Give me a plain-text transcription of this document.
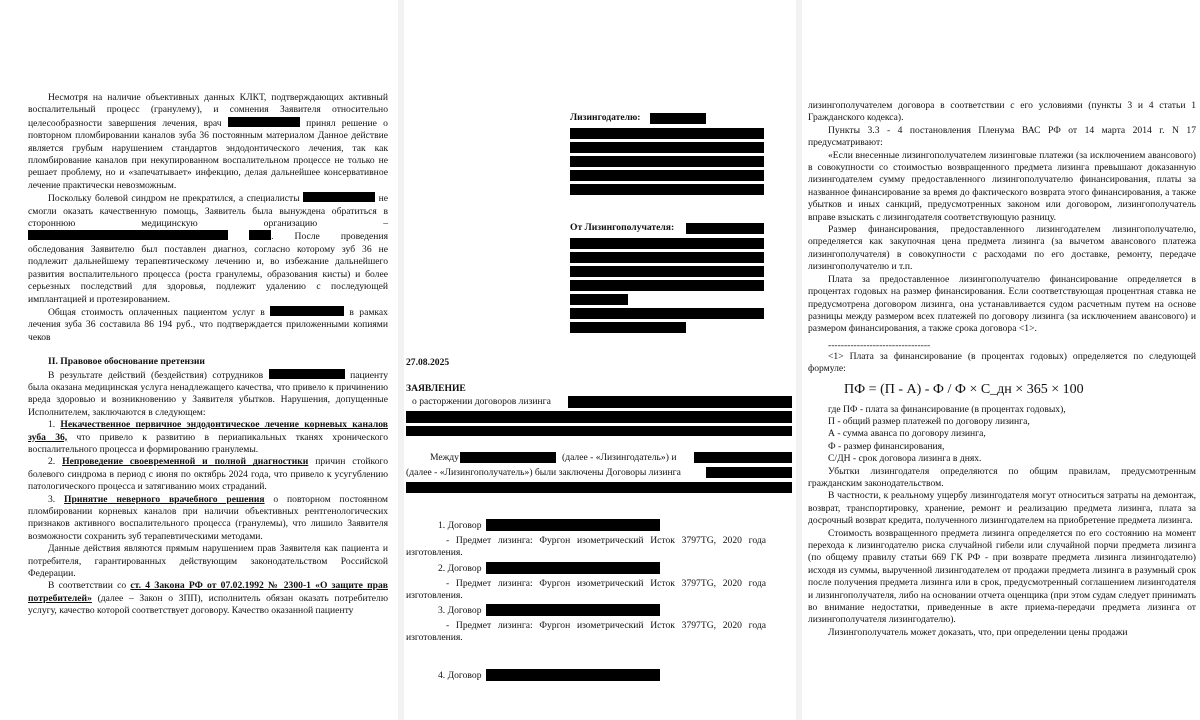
Несмотря на наличие объективных данных КЛКТ, подтверждающих активный воспалительный процесс (гранулему), и сомнения Заявителя относительно целесообразности завершения лечения, врач	принял решение о повторном пломбировании каналов зуба 36 постоянным материалом Данное действие является грубым нарушением стандартов эндодонтического лечения, так как пломбирование каналов при некупированном воспалительном процессе не только не решает проблему, но и «запечатывает» инфекцию, делая дальнейшее консервативное лечение практически невозможным.

Поскольку болевой синдром не прекратился, а специалисты	не смогли оказать качественную помощь, Заявитель была вынуждена обратиться в стороннюю медицинскую организацию –  . После проведения обследования Заявителю был поставлен диагноз, согласно которому зуб 36 не подлежит дальнейшему терапевтическому лечению и, во избежание дальнейшего развития воспалительного процесса (роста гранулемы, образования кисты) и более серьезных последствий для здоровья, подлежит удалению с последующей имплантацией и протезированием.

Общая стоимость оплаченных пациентом услуг в	в рамках лечения зуба 36 составила 86 194 руб., что подтверждается приложенными копиями чеков

II. Правовое обоснование претензии

В результате действий (бездействия) сотрудников	пациенту была оказана медицинская услуга ненадлежащего качества, что привело к причинению вреда здоровью и возникновению у Заявителя убытков. Нарушения, допущенные Исполнителем, заключаются в следующем:

1. Некачественное первичное эндодонтическое лечение корневых каналов зуба 36, что привело к развитию в периапикальных тканях хронического воспалительного процесса и формированию гранулемы.

2. Непроведение своевременной и полной диагностики причин стойкого болевого синдрома в период с июня по октябрь 2024 года, что привело к усугублению патологического процесса и затягиванию моих страданий.

3. Принятие неверного врачебного решения о повторном постоянном пломбировании корневых каналов при наличии объективных рентгенологических признаков активного воспалительного процесса (гранулемы), что лишило Заявителя возможности сохранить зуб терапевтическими методами.

Данные действия являются прямым нарушением прав Заявителя как пациента и потребителя, гарантированных действующим законодательством Российской Федерации.

В соответствии со ст. 4 Закона РФ от 07.02.1992 № 2300-1 «О защите прав потребителей» (далее – Закон о ЗПП), исполнитель обязан оказать потребителю услугу, качество которой соответствует договору. Качество оказанной пациенту

Лизингодателю:

От Лизингополучателя:

27.08.2025

ЗАЯВЛЕНИЕ

о расторжении договоров лизинга

Между	(далее - «Лизингодатель») и

(далее - «Лизингополучатель») были заключены Договоры лизинга

1. Договор

- Предмет лизинга: Фургон изометрический Исток 3797TG, 2020 года изготовления.

2. Договор

- Предмет лизинга: Фургон изометрический Исток 3797TG, 2020 года изготовления.

3. Договор

- Предмет лизинга: Фургон изометрический Исток 3797TG, 2020 года изготовления.

4. Договор

лизингополучателем договора в соответствии с его условиями (пункты 3 и 4 статьи 1 Гражданского кодекса).

Пункты 3.3 - 4 постановления Пленума ВАС РФ от 14 марта 2014 г. N 17 предусматривают:

«Если внесенные лизингополучателем лизинговые платежи (за исключением авансового) в совокупности со стоимостью возвращенного предмета лизинга превышают доказанную лизингодателем сумму предоставленного лизингополучателю финансирования, платы за названное финансирование за время до фактического возврата этого финансирования, а также убытков и иных санкций, предусмотренных законом или договором, лизингополучатель вправе взыскать с лизингодателя соответствующую разницу.

Размер финансирования, предоставленного лизингодателем лизингополучателю, определяется как закупочная цена предмета лизинга (за вычетом авансового платежа лизингополучателя) в совокупности с расходами по его доставке, ремонту, передаче лизингополучателю и т.п.

Плата за предоставленное лизингополучателю финансирование определяется в процентах годовых на размер финансирования. Если соответствующая процентная ставка не предусмотрена договором лизинга, она устанавливается судом расчетным путем на основе разницы между размером всех платежей по договору лизинга (за исключением авансового) и размером финансирования, а также срока договора <1>.

--------------------------------

<1> Плата за финансирование (в процентах годовых) определяется по следующей формуле:

ПФ = (П - А) - Ф / Ф × С_дн × 365 × 100

где ПФ - плата за финансирование (в процентах годовых),

П - общий размер платежей по договору лизинга,

А - сумма аванса по договору лизинга,

Ф - размер финансирования,

С/ДН - срок договора лизинга в днях.

Убытки лизингодателя определяются по общим правилам, предусмотренным гражданским законодательством.

В частности, к реальному ущербу лизингодателя могут относиться затраты на демонтаж, возврат, транспортировку, хранение, ремонт и реализацию предмета лизинга, плата за досрочный возврат кредита, полученного лизингодателем на приобретение предмета лизинга.

Стоимость возвращенного предмета лизинга определяется по его состоянию на момент перехода к лизингодателю риска случайной гибели или случайной порчи предмета лизинга (по общему правилу статьи 669 ГК РФ - при возврате предмета лизинга лизингодателю) исходя из суммы, вырученной лизингодателем от продажи предмета лизинга в разумный срок после получения предмета лизинга или в срок, предусмотренный соглашением лизингодателя и лизингополучателя, либо на основании отчета оценщика (при этом судам следует принимать во внимание недостатки, приведенные в акте приема-передачи предмета лизинга от лизингополучателя лизингодателю).

Лизингополучатель может доказать, что, при определении цены продажи
